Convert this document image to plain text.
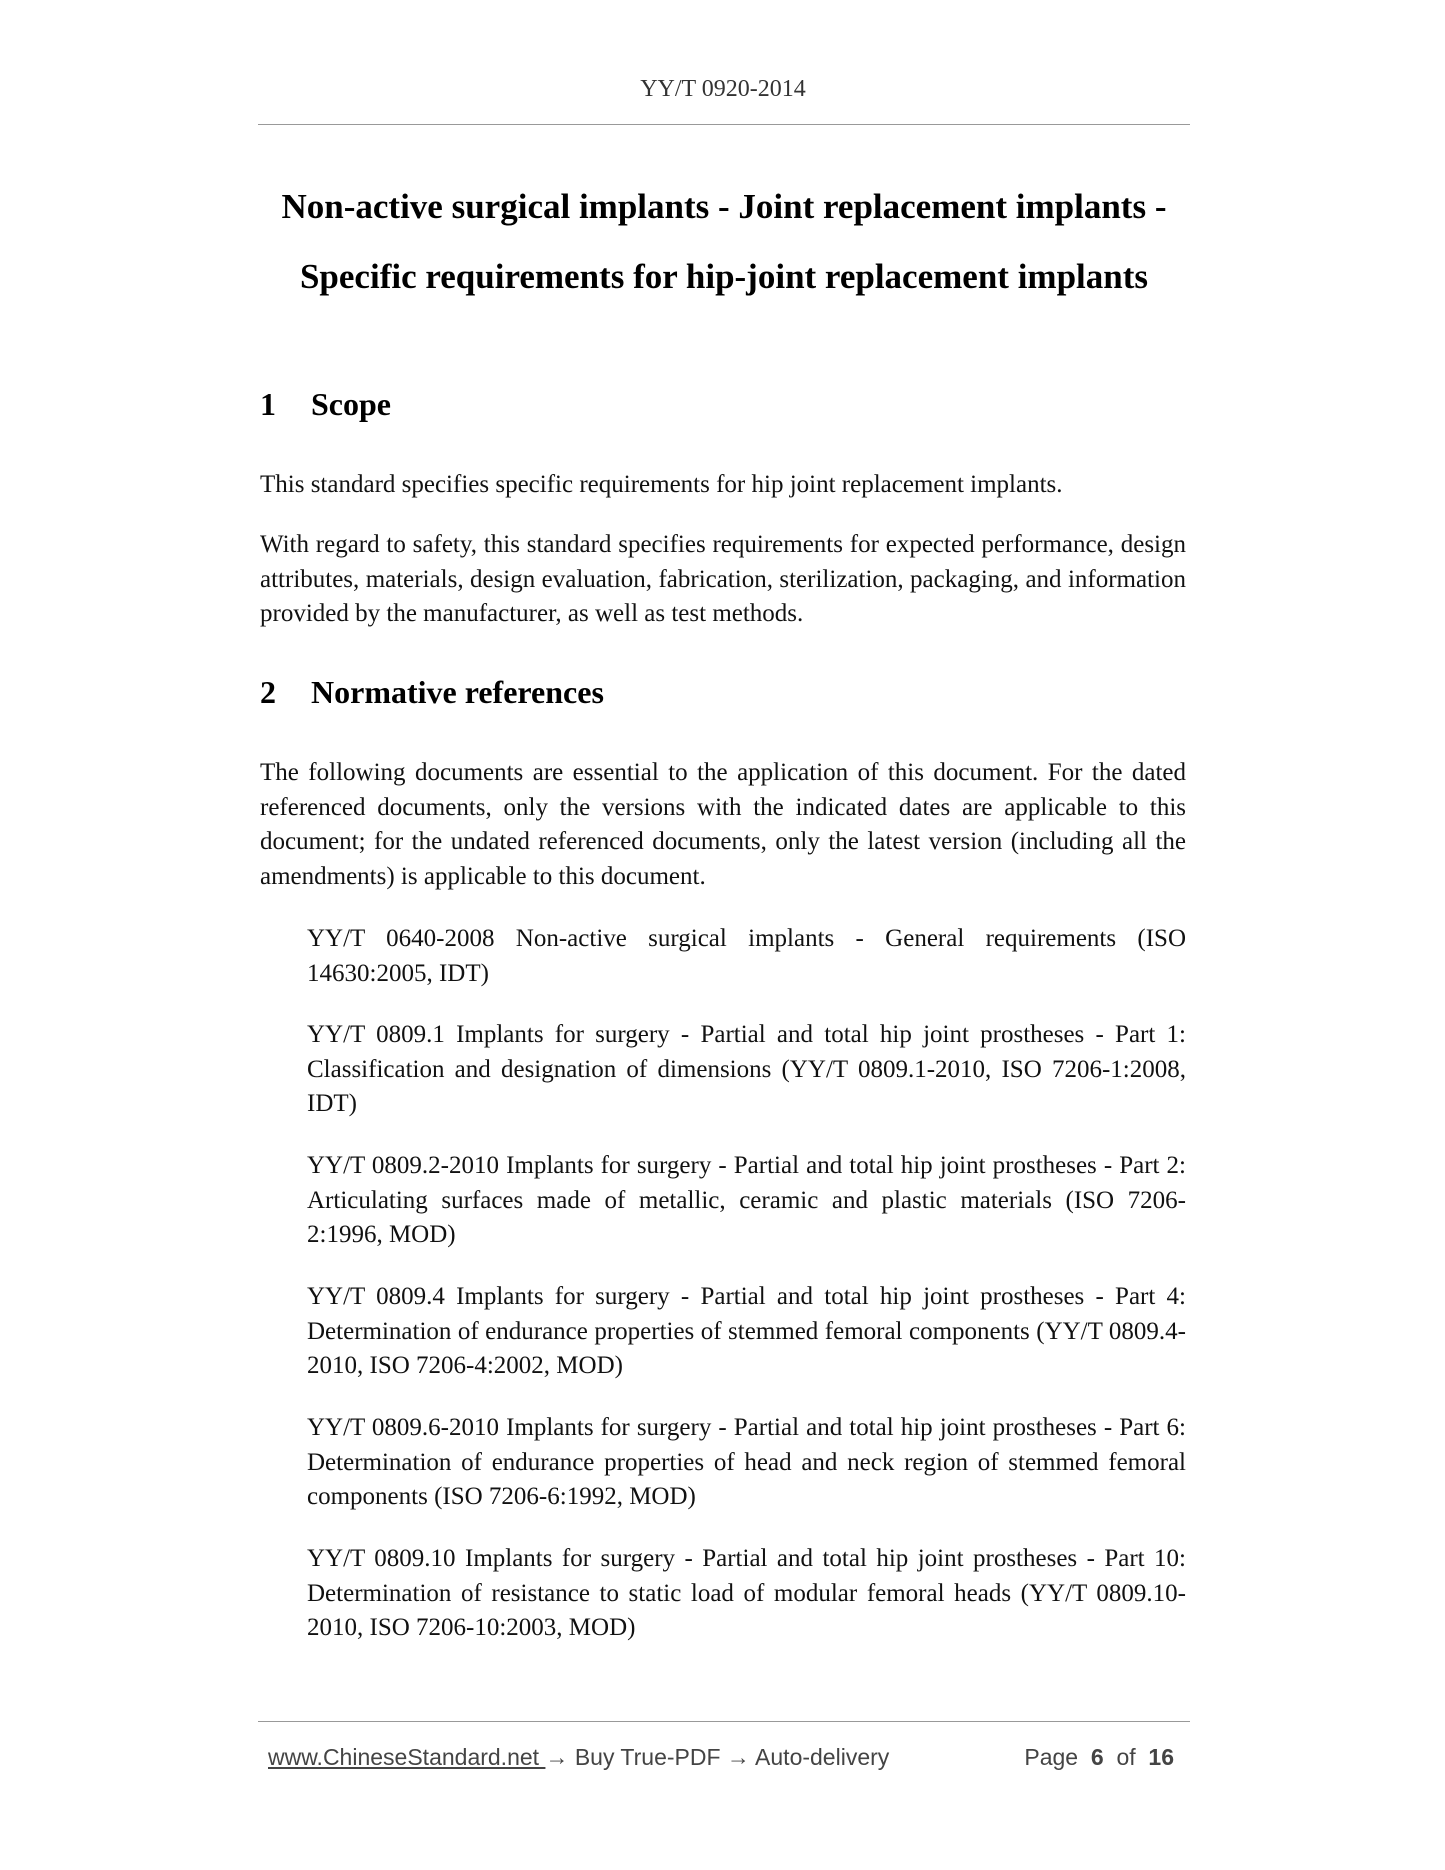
YY/T 0920-2014
Non-active surgical implants - Joint replacement implants -
Specific requirements for hip-joint replacement implants
1 Scope
This standard specifies specific requirements for hip joint replacement implants.
With regard to safety, this standard specifies requirements for expected performance, design attributes, materials, design evaluation, fabrication, sterilization, packaging, and information provided by the manufacturer, as well as test methods.
2 Normative references
The following documents are essential to the application of this document. For the dated referenced documents, only the versions with the indicated dates are applicable to this document; for the undated referenced documents, only the latest version (including all the amendments) is applicable to this document.
YY/T 0640-2008 Non-active surgical implants - General requirements (ISO 14630:2005, IDT)
YY/T 0809.1 Implants for surgery - Partial and total hip joint prostheses - Part 1: Classification and designation of dimensions (YY/T 0809.1-2010, ISO 7206-1:2008, IDT)
YY/T 0809.2-2010 Implants for surgery - Partial and total hip joint prostheses - Part 2: Articulating surfaces made of metallic, ceramic and plastic materials (ISO 7206-2:1996, MOD)
YY/T 0809.4 Implants for surgery - Partial and total hip joint prostheses - Part 4: Determination of endurance properties of stemmed femoral components (YY/T 0809.4-2010, ISO 7206-4:2002, MOD)
YY/T 0809.6-2010 Implants for surgery - Partial and total hip joint prostheses - Part 6: Determination of endurance properties of head and neck region of stemmed femoral components (ISO 7206-6:1992, MOD)
YY/T 0809.10 Implants for surgery - Partial and total hip joint prostheses - Part 10: Determination of resistance to static load of modular femoral heads (YY/T 0809.10-2010, ISO 7206-10:2003, MOD)
www.ChineseStandard.net → Buy True-PDF → Auto-delivery	Page 6 of 16
